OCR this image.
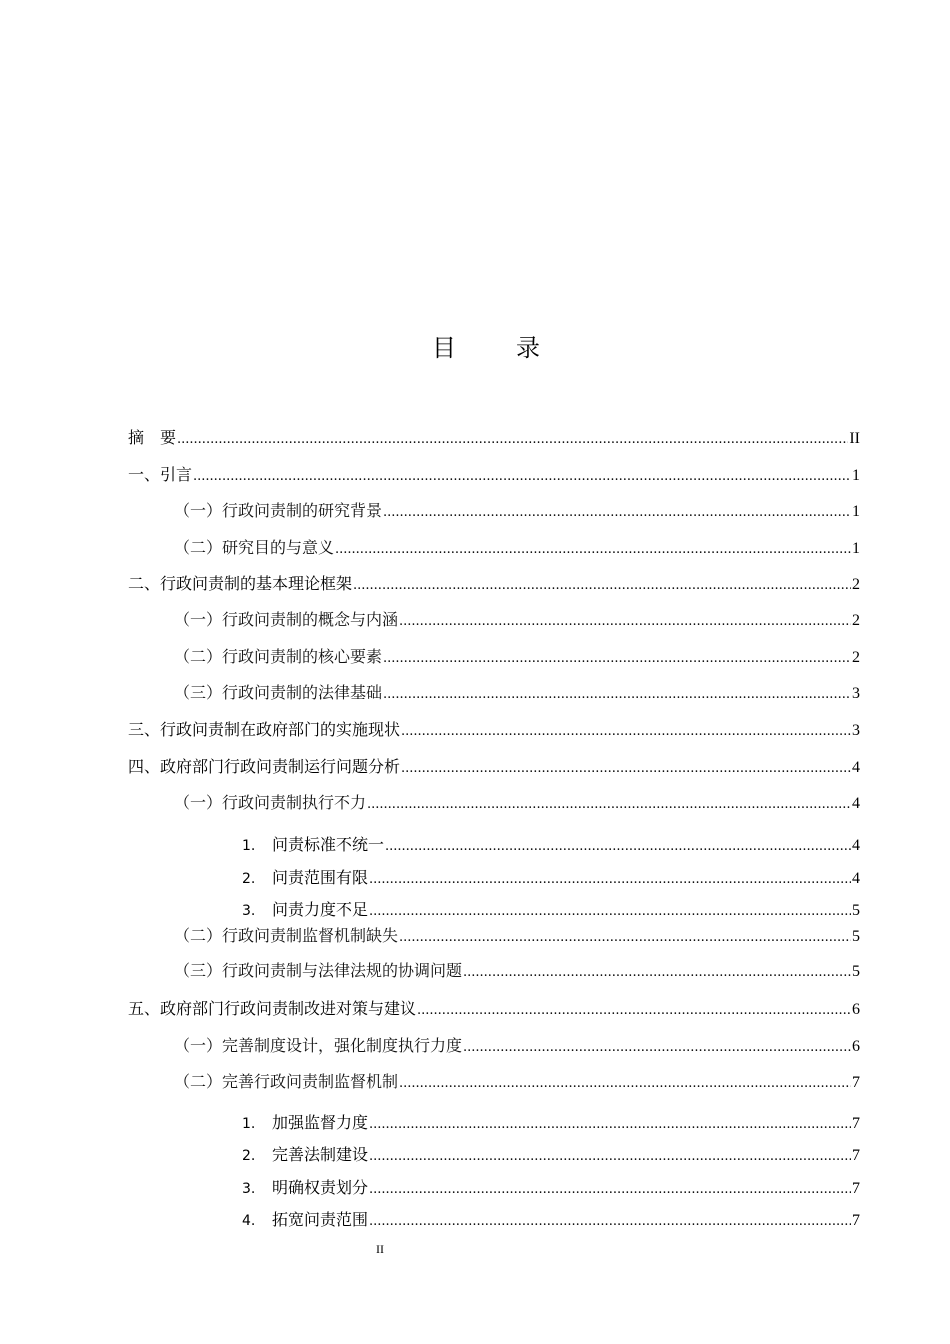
目　录
摘　要 .....	II
一、引言 .....	1
（一）行政问责制的研究背景 .....	1
（二）研究目的与意义 .....	1
二、行政问责制的基本理论框架 .....	2
（一）行政问责制的概念与内涵 .....	2
（二）行政问责制的核心要素 .....	2
（三）行政问责制的法律基础 .....	3
三、行政问责制在政府部门的实施现状 .....	3
四、政府部门行政问责制运行问题分析 .....	4
（一）行政问责制执行不力 .....	4
1. 问责标准不统一 .....	4
2. 问责范围有限 .....	4
3. 问责力度不足 .....	5
（二）行政问责制监督机制缺失 .....	5
（三）行政问责制与法律法规的协调问题 .....	5
五、政府部门行政问责制改进对策与建议 .....	6
（一）完善制度设计，强化制度执行力度 .....	6
（二）完善行政问责制监督机制 .....	7
1. 加强监督力度 .....	7
2. 完善法制建设 .....	7
3. 明确权责划分 .....	7
4. 拓宽问责范围 .....	7
II
